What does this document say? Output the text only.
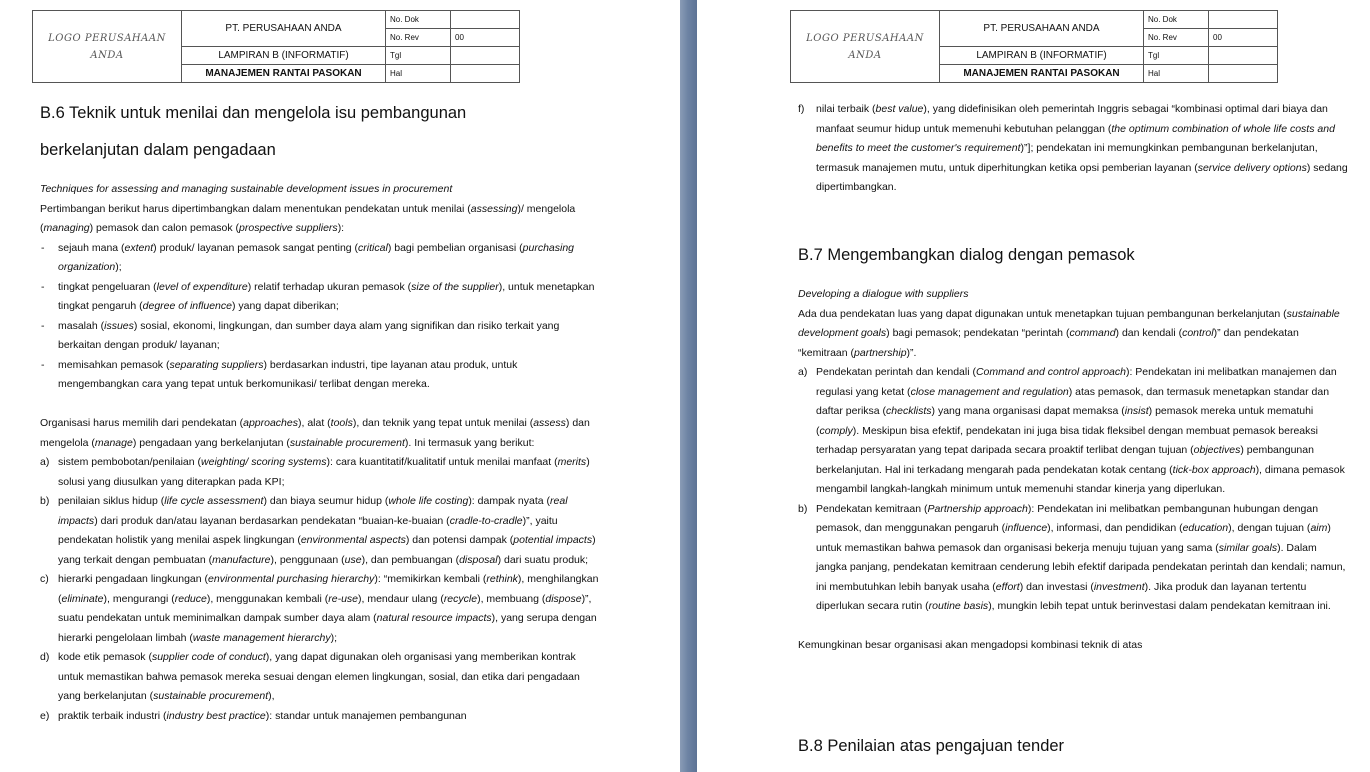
LOGO PERUSAHAAN ANDA	PT. PERUSAHAAN ANDA	No. Dok	
		No. Rev	00
	LAMPIRAN B (INFORMATIF)	Tgl	
	MANAJEMEN RANTAI PASOKAN	Hal	
B.6 Teknik untuk menilai dan mengelola isu pembangunan
berkelanjutan dalam pengadaan

Techniques for assessing and managing sustainable development issues in procurement

Pertimbangan berikut harus dipertimbangkan dalam menentukan pendekatan untuk menilai (assessing)/ mengelola (managing) pemasok dan calon pemasok (prospective suppliers):

- sejauh mana (extent) produk/ layanan pemasok sangat penting (critical) bagi pembelian organisasi (purchasing organization);
- tingkat pengeluaran (level of expenditure) relatif terhadap ukuran pemasok (size of the supplier), untuk menetapkan tingkat pengaruh (degree of influence) yang dapat diberikan;
- masalah (issues) sosial, ekonomi, lingkungan, dan sumber daya alam yang signifikan dan risiko terkait yang berkaitan dengan produk/ layanan;
- memisahkan pemasok (separating suppliers) berdasarkan industri, tipe layanan atau produk, untuk mengembangkan cara yang tepat untuk berkomunikasi/ terlibat dengan mereka.

Organisasi harus memilih dari pendekatan (approaches), alat (tools), dan teknik yang tepat untuk menilai (assess) dan mengelola (manage) pengadaan yang berkelanjutan (sustainable procurement). Ini termasuk yang berikut:

a) sistem pembobotan/penilaian (weighting/ scoring systems): cara kuantitatif/kualitatif untuk menilai manfaat (merits) solusi yang diusulkan yang diterapkan pada KPI;
b) penilaian siklus hidup (life cycle assessment) dan biaya seumur hidup (whole life costing): dampak nyata (real impacts) dari produk dan/atau layanan berdasarkan pendekatan “buaian-ke-buaian (cradle-to-cradle)”, yaitu pendekatan holistik yang menilai aspek lingkungan (environmental aspects) dan potensi dampak (potential impacts) yang terkait dengan pembuatan (manufacture), penggunaan (use), dan pembuangan (disposal) dari suatu produk;
c) hierarki pengadaan lingkungan (environmental purchasing hierarchy): “memikirkan kembali (rethink), menghilangkan (eliminate), mengurangi (reduce), menggunakan kembali (re-use), mendaur ulang (recycle), membuang (dispose)”, suatu pendekatan untuk meminimalkan dampak sumber daya alam (natural resource impacts), yang serupa dengan hierarki pengelolaan limbah (waste management hierarchy);
d) kode etik pemasok (supplier code of conduct), yang dapat digunakan oleh organisasi yang memberikan kontrak untuk memastikan bahwa pemasok mereka sesuai dengan elemen lingkungan, sosial, dan etika dari pengadaan yang berkelanjutan (sustainable procurement),
e) praktik terbaik industri (industry best practice): standar untuk manajemen pembangunan
LOGO PERUSAHAAN ANDA	PT. PERUSAHAAN ANDA	No. Dok	
		No. Rev	00
	LAMPIRAN B (INFORMATIF)	Tgl	
	MANAJEMEN RANTAI PASOKAN	Hal	
f) nilai terbaik (best value), yang didefinisikan oleh pemerintah Inggris sebagai “kombinasi optimal dari biaya dan manfaat seumur hidup untuk memenuhi kebutuhan pelanggan (the optimum combination of whole life costs and benefits to meet the customer's requirement)”]; pendekatan ini memungkinkan pembangunan berkelanjutan, termasuk manajemen mutu, untuk diperhitungkan ketika opsi pemberian layanan (service delivery options) sedang dipertimbangkan.
B.7 Mengembangkan dialog dengan pemasok

Developing a dialogue with suppliers

Ada dua pendekatan luas yang dapat digunakan untuk menetapkan tujuan pembangunan berkelanjutan (sustainable development goals) bagi pemasok; pendekatan “perintah (command) dan kendali (control)” dan pendekatan “kemitraan (partnership)”.

a) Pendekatan perintah dan kendali (Command and control approach): Pendekatan ini melibatkan manajemen dan regulasi yang ketat (close management and regulation) atas pemasok, dan termasuk menetapkan standar dan daftar periksa (checklists) yang mana organisasi dapat memaksa (insist) pemasok mereka untuk mematuhi (comply). Meskipun bisa efektif, pendekatan ini juga bisa tidak fleksibel dengan membuat pemasok bereaksi terhadap persyaratan yang tepat daripada secara proaktif terlibat dengan tujuan (objectives) pembangunan berkelanjutan. Hal ini terkadang mengarah pada pendekatan kotak centang (tick-box approach), dimana pemasok mengambil langkah-langkah minimum untuk memenuhi standar kinerja yang diperlukan.
b) Pendekatan kemitraan (Partnership approach): Pendekatan ini melibatkan pembangunan hubungan dengan pemasok, dan menggunakan pengaruh (influence), informasi, dan pendidikan (education), dengan tujuan (aim) untuk memastikan bahwa pemasok dan organisasi bekerja menuju tujuan yang sama (similar goals). Dalam jangka panjang, pendekatan kemitraan cenderung lebih efektif daripada pendekatan perintah dan kendali; namun, ini membutuhkan lebih banyak usaha (effort) dan investasi (investment). Jika produk dan layanan tertentu diperlukan secara rutin (routine basis), mungkin lebih tepat untuk berinvestasi dalam pendekatan kemitraan ini.

Kemungkinan besar organisasi akan mengadopsi kombinasi teknik di atas

B.8 Penilaian atas pengajuan tender
